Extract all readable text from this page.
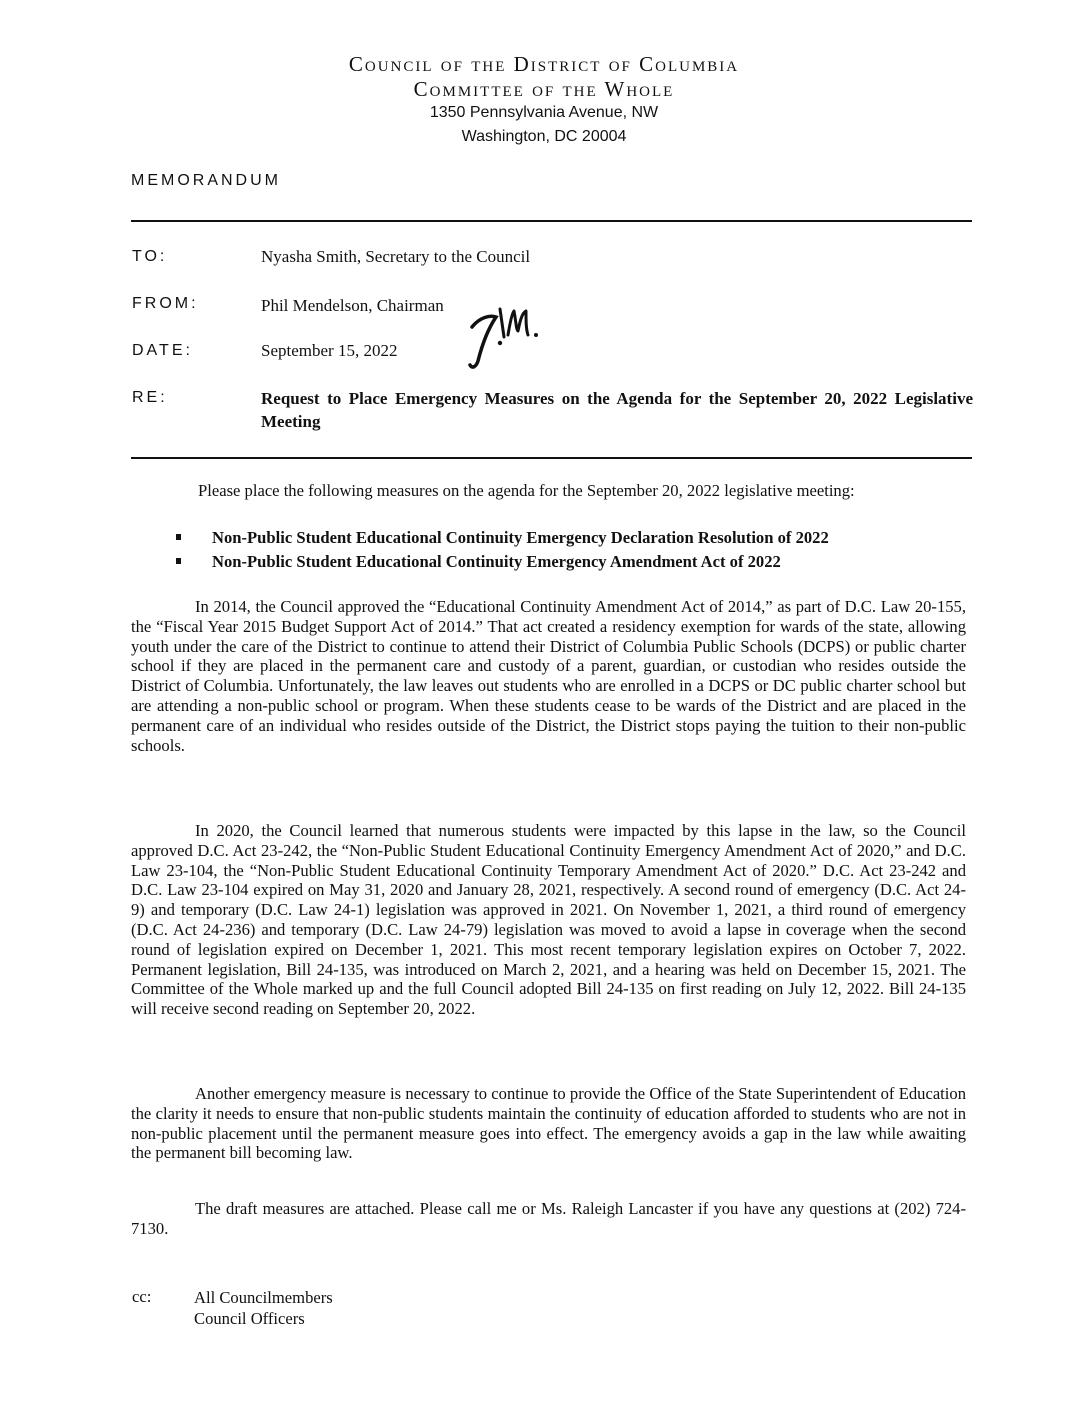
Council of the District of Columbia
Committee of the Whole
1350 Pennsylvania Avenue, NW
Washington, DC 20004
MEMORANDUM
TO:	Nyasha Smith, Secretary to the Council
FROM:	Phil Mendelson, Chairman
DATE:	September 15, 2022
RE:	Request to Place Emergency Measures on the Agenda for the September 20, 2022 Legislative Meeting
Please place the following measures on the agenda for the September 20, 2022 legislative meeting:
Non-Public Student Educational Continuity Emergency Declaration Resolution of 2022
Non-Public Student Educational Continuity Emergency Amendment Act of 2022
In 2014, the Council approved the “Educational Continuity Amendment Act of 2014,” as part of D.C. Law 20-155, the “Fiscal Year 2015 Budget Support Act of 2014.” That act created a residency exemption for wards of the state, allowing youth under the care of the District to continue to attend their District of Columbia Public Schools (DCPS) or public charter school if they are placed in the permanent care and custody of a parent, guardian, or custodian who resides outside the District of Columbia. Unfortunately, the law leaves out students who are enrolled in a DCPS or DC public charter school but are attending a non-public school or program. When these students cease to be wards of the District and are placed in the permanent care of an individual who resides outside of the District, the District stops paying the tuition to their non-public schools.
In 2020, the Council learned that numerous students were impacted by this lapse in the law, so the Council approved D.C. Act 23-242, the “Non-Public Student Educational Continuity Emergency Amendment Act of 2020,” and D.C. Law 23-104, the “Non-Public Student Educational Continuity Temporary Amendment Act of 2020.” D.C. Act 23-242 and D.C. Law 23-104 expired on May 31, 2020 and January 28, 2021, respectively. A second round of emergency (D.C. Act 24-9) and temporary (D.C. Law 24-1) legislation was approved in 2021. On November 1, 2021, a third round of emergency (D.C. Act 24-236) and temporary (D.C. Law 24-79) legislation was moved to avoid a lapse in coverage when the second round of legislation expired on December 1, 2021. This most recent temporary legislation expires on October 7, 2022. Permanent legislation, Bill 24-135, was introduced on March 2, 2021, and a hearing was held on December 15, 2021. The Committee of the Whole marked up and the full Council adopted Bill 24-135 on first reading on July 12, 2022. Bill 24-135 will receive second reading on September 20, 2022.
Another emergency measure is necessary to continue to provide the Office of the State Superintendent of Education the clarity it needs to ensure that non-public students maintain the continuity of education afforded to students who are not in non-public placement until the permanent measure goes into effect. The emergency avoids a gap in the law while awaiting the permanent bill becoming law.
The draft measures are attached. Please call me or Ms. Raleigh Lancaster if you have any questions at (202) 724-7130.
cc:	All Councilmembers
Council Officers
